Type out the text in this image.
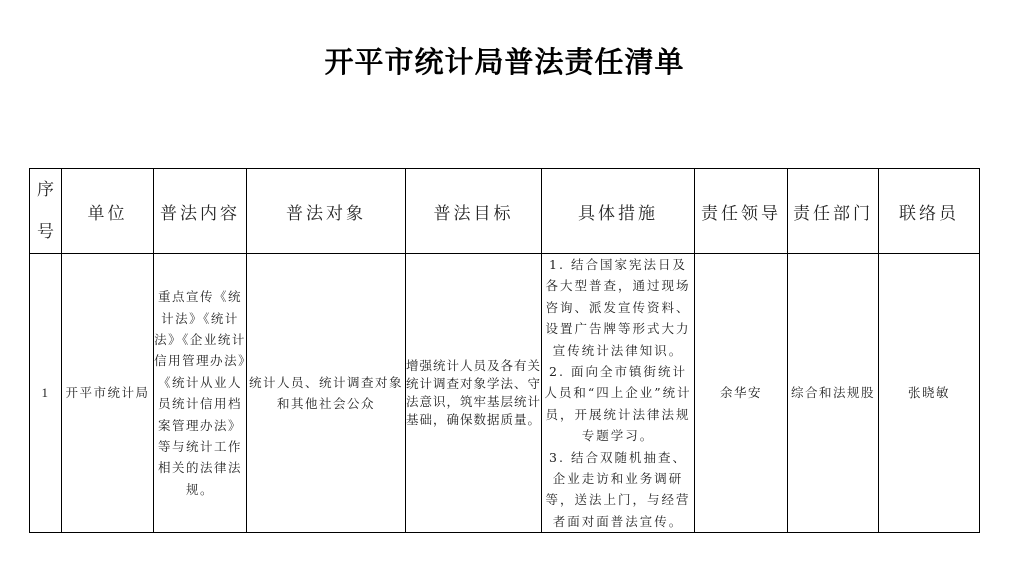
开平市统计局普法责任清单
序
号	单位	普法内容	普法对象	普法目标	具体措施	责任领导	责任部门	联络员
1	开平市统计局	重点宣传《统计法》《统计法》《企业统计信用管理办法》《统计从业人员统计信用档案管理办法》等与统计工作相关的法律法规。	统计人员、统计调查对象和其他社会公众	增强统计人员及各有关统计调查对象学法、守法意识，筑牢基层统计基础，确保数据质量。	1. 结合国家宪法日及各大型普查，通过现场咨询、派发宣传资料、设置广告牌等形式大力宣传统计法律知识。
2. 面向全市镇街统计人员和“四上企业”统计员，开展统计法律法规专题学习。
3. 结合双随机抽查、企业走访和业务调研等，送法上门，与经营者面对面普法宣传。	余华安	综合和法规股	张晓敏
